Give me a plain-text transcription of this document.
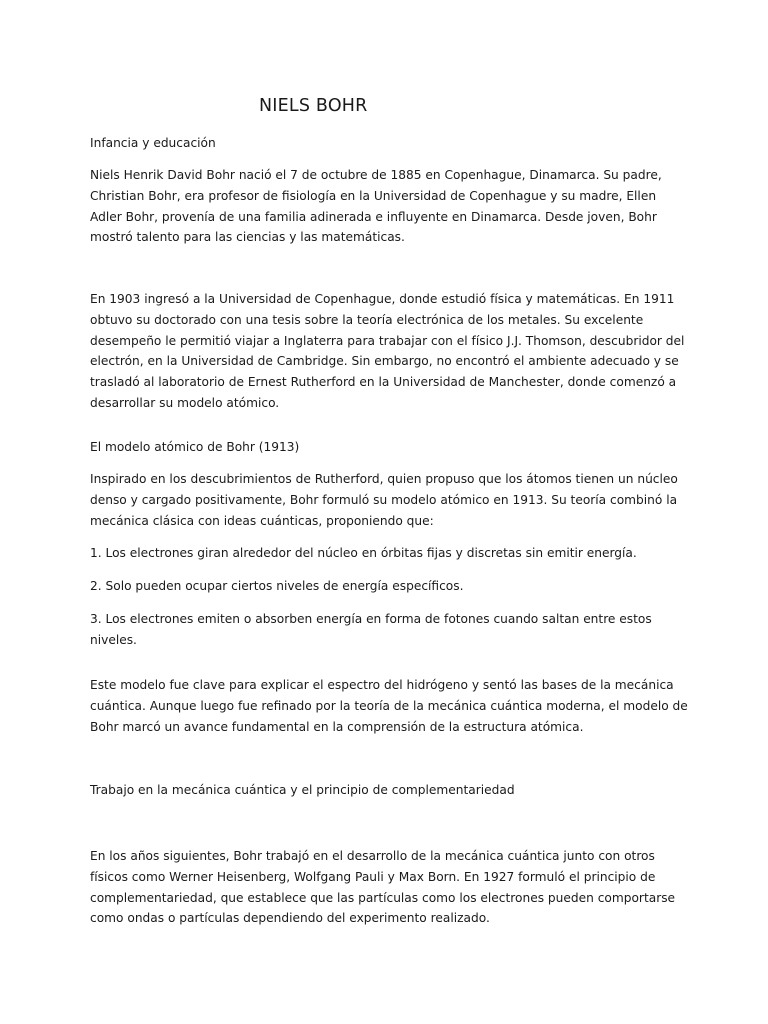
NIELS BOHR

Infancia y educación

Niels Henrik David Bohr nació el 7 de octubre de 1885 en Copenhague, Dinamarca. Su padre, Christian Bohr, era profesor de fisiología en la Universidad de Copenhague y su madre, Ellen Adler Bohr, provenía de una familia adinerada e influyente en Dinamarca. Desde joven, Bohr mostró talento para las ciencias y las matemáticas.

En 1903 ingresó a la Universidad de Copenhague, donde estudió física y matemáticas. En 1911 obtuvo su doctorado con una tesis sobre la teoría electrónica de los metales. Su excelente desempeño le permitió viajar a Inglaterra para trabajar con el físico J.J. Thomson, descubridor del electrón, en la Universidad de Cambridge. Sin embargo, no encontró el ambiente adecuado y se trasladó al laboratorio de Ernest Rutherford en la Universidad de Manchester, donde comenzó a desarrollar su modelo atómico.

El modelo atómico de Bohr (1913)

Inspirado en los descubrimientos de Rutherford, quien propuso que los átomos tienen un núcleo denso y cargado positivamente, Bohr formuló su modelo atómico en 1913. Su teoría combinó la mecánica clásica con ideas cuánticas, proponiendo que:

1. Los electrones giran alrededor del núcleo en órbitas fijas y discretas sin emitir energía.

2. Solo pueden ocupar ciertos niveles de energía específicos.

3. Los electrones emiten o absorben energía en forma de fotones cuando saltan entre estos niveles.

Este modelo fue clave para explicar el espectro del hidrógeno y sentó las bases de la mecánica cuántica. Aunque luego fue refinado por la teoría de la mecánica cuántica moderna, el modelo de Bohr marcó un avance fundamental en la comprensión de la estructura atómica.

Trabajo en la mecánica cuántica y el principio de complementariedad

En los años siguientes, Bohr trabajó en el desarrollo de la mecánica cuántica junto con otros físicos como Werner Heisenberg, Wolfgang Pauli y Max Born. En 1927 formuló el principio de complementariedad, que establece que las partículas como los electrones pueden comportarse como ondas o partículas dependiendo del experimento realizado.
